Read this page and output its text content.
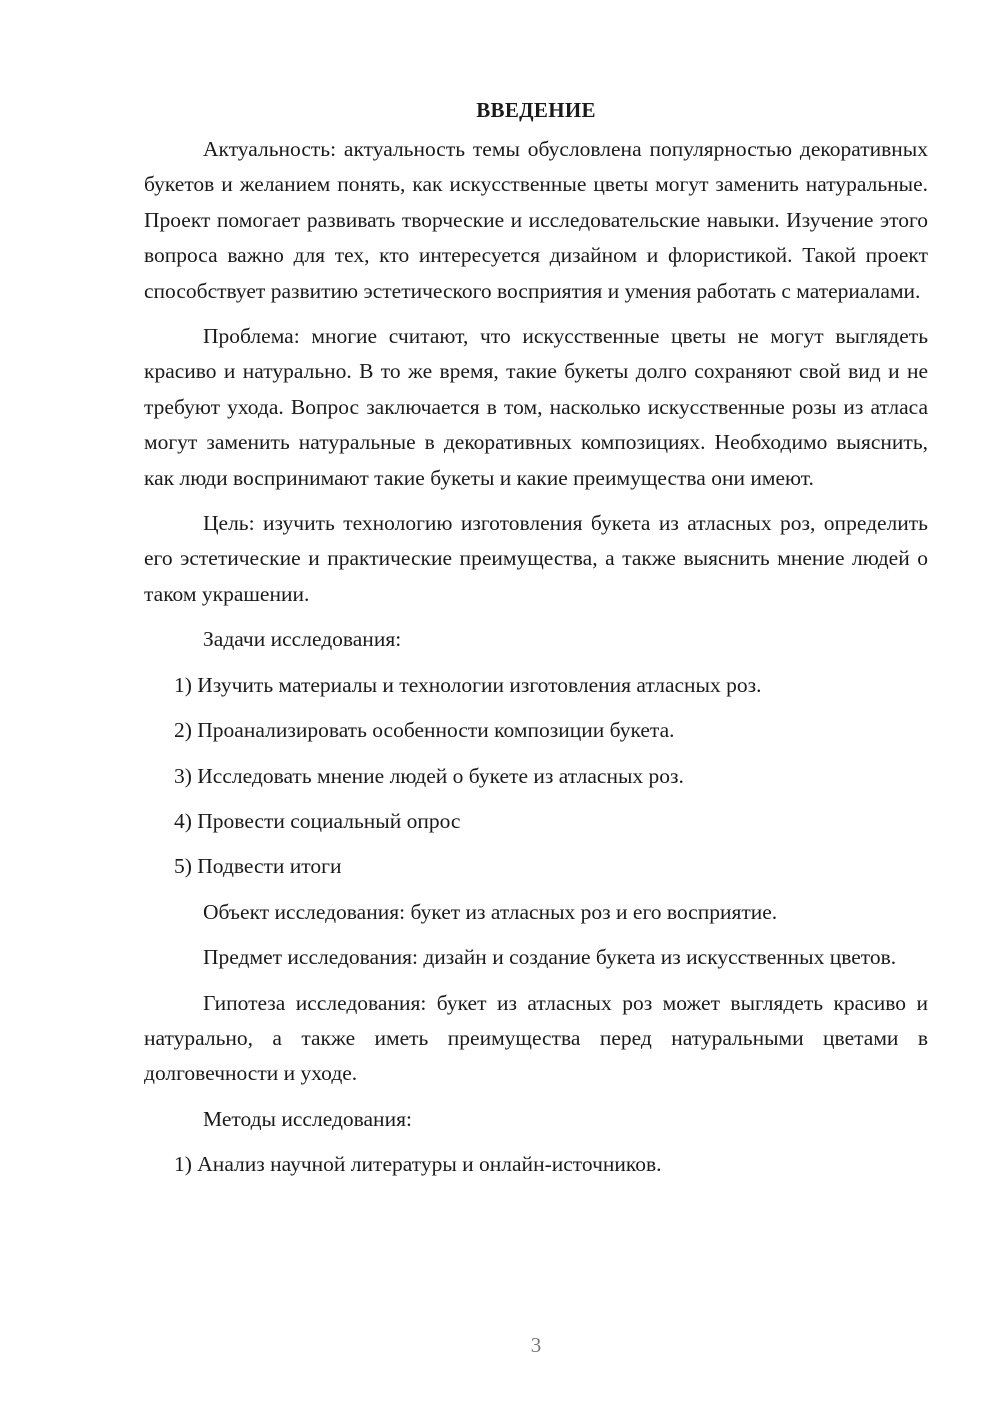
ВВЕДЕНИЕ

Актуальность: актуальность темы обусловлена популярностью декоративных букетов и желанием понять, как искусственные цветы могут заменить натуральные. Проект помогает развивать творческие и исследовательские навыки. Изучение этого вопроса важно для тех, кто интересуется дизайном и флористикой. Такой проект способствует развитию эстетического восприятия и умения работать с материалами.

Проблема: многие считают, что искусственные цветы не могут выглядеть красиво и натурально. В то же время, такие букеты долго сохраняют свой вид и не требуют ухода. Вопрос заключается в том, насколько искусственные розы из атласа могут заменить натуральные в декоративных композициях. Необходимо выяснить, как люди воспринимают такие букеты и какие преимущества они имеют.

Цель: изучить технологию изготовления букета из атласных роз, определить его эстетические и практические преимущества, а также выяснить мнение людей о таком украшении.

Задачи исследования:

1) Изучить материалы и технологии изготовления атласных роз.

2) Проанализировать особенности композиции букета.

3) Исследовать мнение людей о букете из атласных роз.

4) Провести социальный опрос

5) Подвести итоги

Объект исследования: букет из атласных роз и его восприятие.

Предмет исследования: дизайн и создание букета из искусственных цветов.

Гипотеза исследования: букет из атласных роз может выглядеть красиво и натурально, а также иметь преимущества перед натуральными цветами в долговечности и уходе.

Методы исследования:

1) Анализ научной литературы и онлайн-источников.

3
